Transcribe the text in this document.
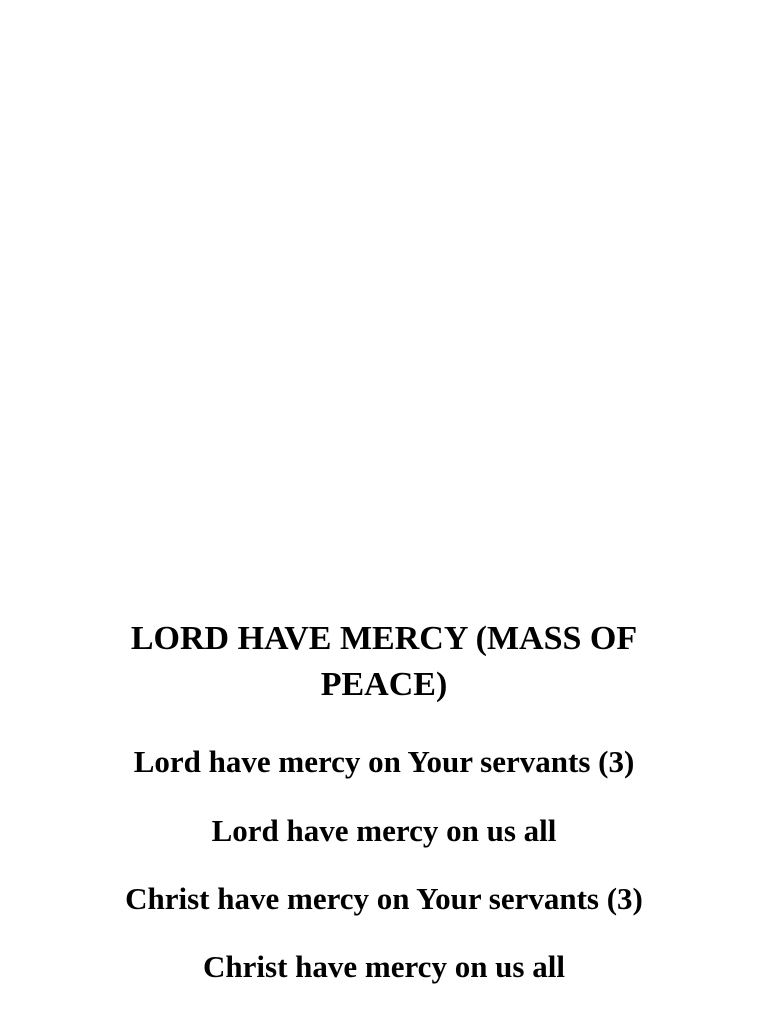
LORD HAVE MERCY (MASS OF PEACE)

Lord have mercy on Your servants (3)

Lord have mercy on us all

Christ have mercy on Your servants (3)

Christ have mercy on us all
